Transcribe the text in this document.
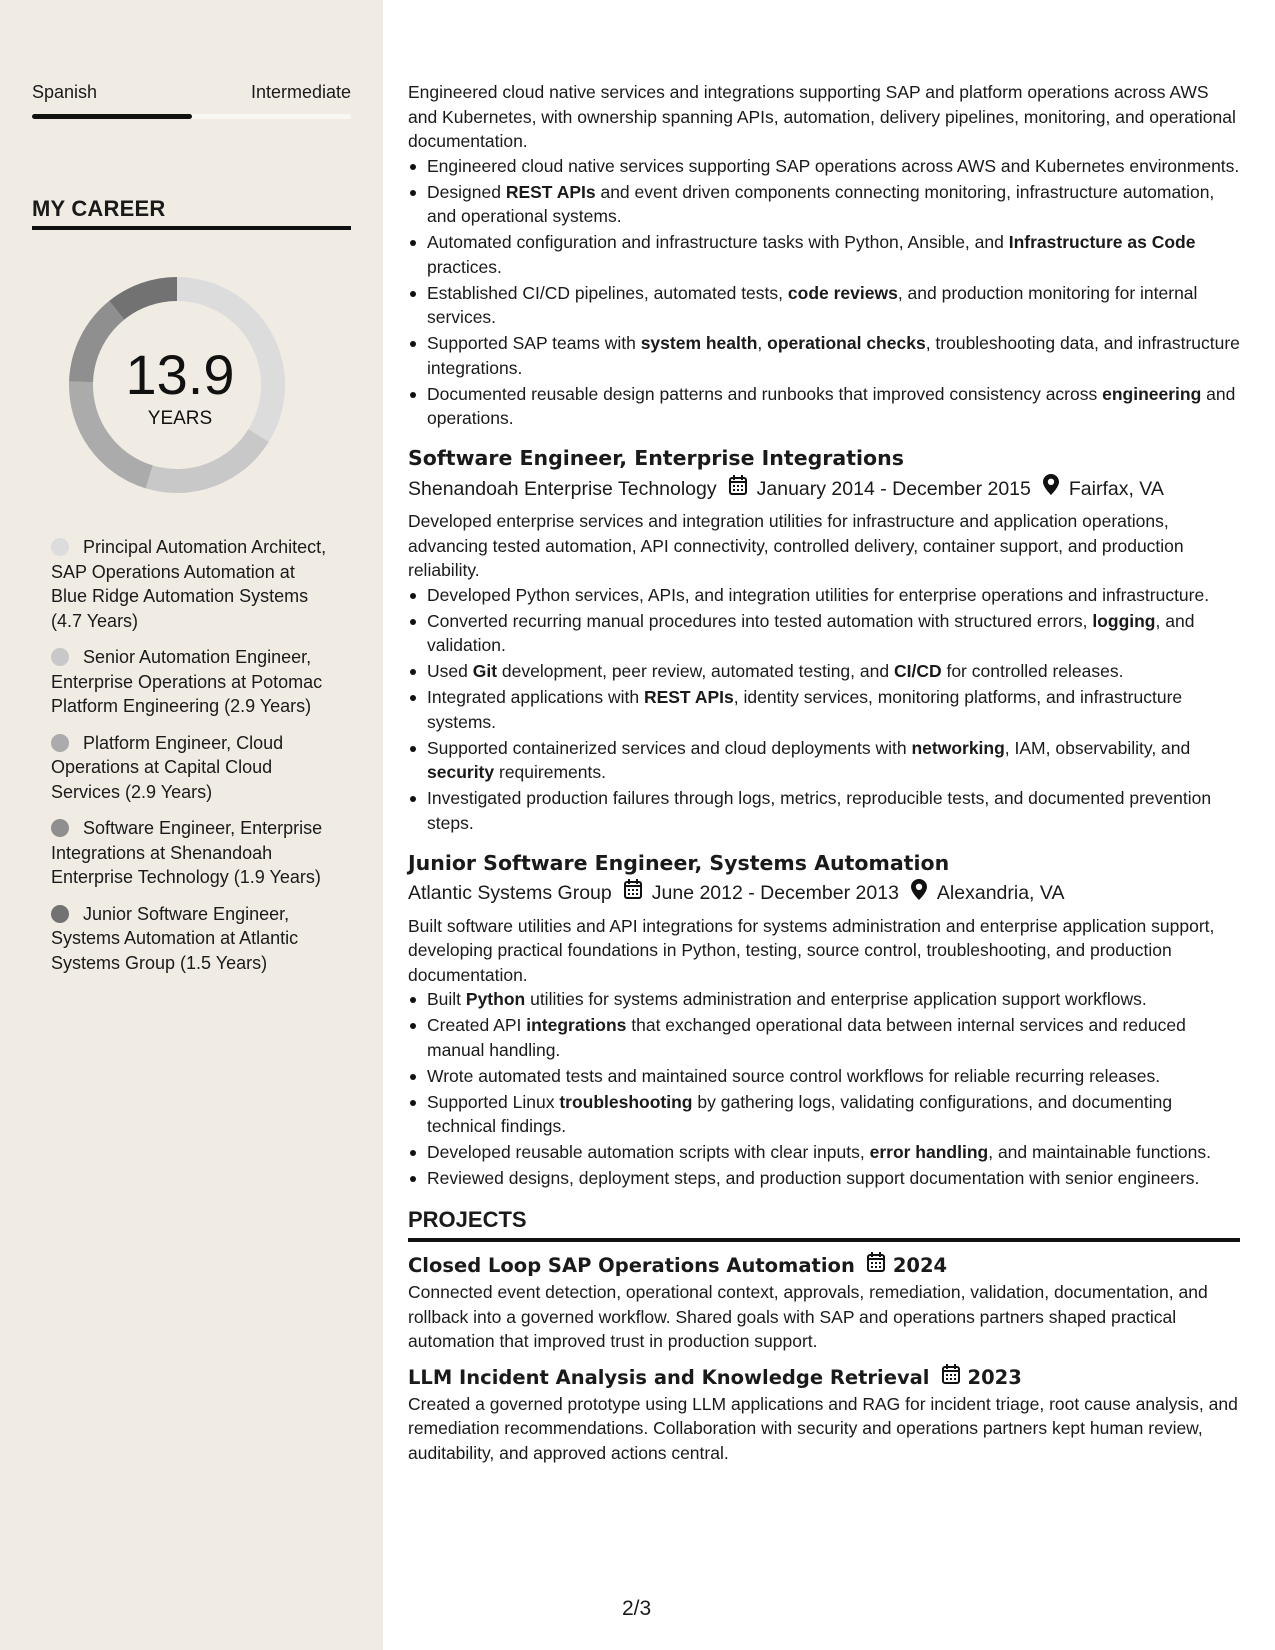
Spanish	Intermediate
MY CAREER
13.9
YEARS
Principal Automation Architect, SAP Operations Automation at Blue Ridge Automation Systems (4.7 Years)
Senior Automation Engineer, Enterprise Operations at Potomac Platform Engineering (2.9 Years)
Platform Engineer, Cloud Operations at Capital Cloud Services (2.9 Years)
Software Engineer, Enterprise Integrations at Shenandoah Enterprise Technology (1.9 Years)
Junior Software Engineer, Systems Automation at Atlantic Systems Group (1.5 Years)

Engineered cloud native services and integrations supporting SAP and platform operations across AWS and Kubernetes, with ownership spanning APIs, automation, delivery pipelines, monitoring, and operational documentation.

Engineered cloud native services supporting SAP operations across AWS and Kubernetes environments.
Designed REST APIs and event driven components connecting monitoring, infrastructure automation, and operational systems.
Automated configuration and infrastructure tasks with Python, Ansible, and Infrastructure as Code practices.
Established CI/CD pipelines, automated tests, code reviews, and production monitoring for internal services.
Supported SAP teams with system health, operational checks, troubleshooting data, and infrastructure integrations.
Documented reusable design patterns and runbooks that improved consistency across engineering and operations.
Software Engineer, Enterprise Integrations
Shenandoah Enterprise Technology January 2014 - December 2015 Fairfax, VA

Developed enterprise services and integration utilities for infrastructure and application operations, advancing tested automation, API connectivity, controlled delivery, container support, and production reliability.

Developed Python services, APIs, and integration utilities for enterprise operations and infrastructure.
Converted recurring manual procedures into tested automation with structured errors, logging, and validation.
Used Git development, peer review, automated testing, and CI/CD for controlled releases.
Integrated applications with REST APIs, identity services, monitoring platforms, and infrastructure systems.
Supported containerized services and cloud deployments with networking, IAM, observability, and security requirements.
Investigated production failures through logs, metrics, reproducible tests, and documented prevention steps.
Junior Software Engineer, Systems Automation
Atlantic Systems Group June 2012 - December 2013 Alexandria, VA

Built software utilities and API integrations for systems administration and enterprise application support, developing practical foundations in Python, testing, source control, troubleshooting, and production documentation.

Built Python utilities for systems administration and enterprise application support workflows.
Created API integrations that exchanged operational data between internal services and reduced manual handling.
Wrote automated tests and maintained source control workflows for reliable recurring releases.
Supported Linux troubleshooting by gathering logs, validating configurations, and documenting technical findings.
Developed reusable automation scripts with clear inputs, error handling, and maintainable functions.
Reviewed designs, deployment steps, and production support documentation with senior engineers.
PROJECTS
Closed Loop SAP Operations Automation 2024

Connected event detection, operational context, approvals, remediation, validation, documentation, and rollback into a governed workflow. Shared goals with SAP and operations partners shaped practical automation that improved trust in production support.

LLM Incident Analysis and Knowledge Retrieval 2023

Created a governed prototype using LLM applications and RAG for incident triage, root cause analysis, and remediation recommendations. Collaboration with security and operations partners kept human review, auditability, and approved actions central.

2/3
